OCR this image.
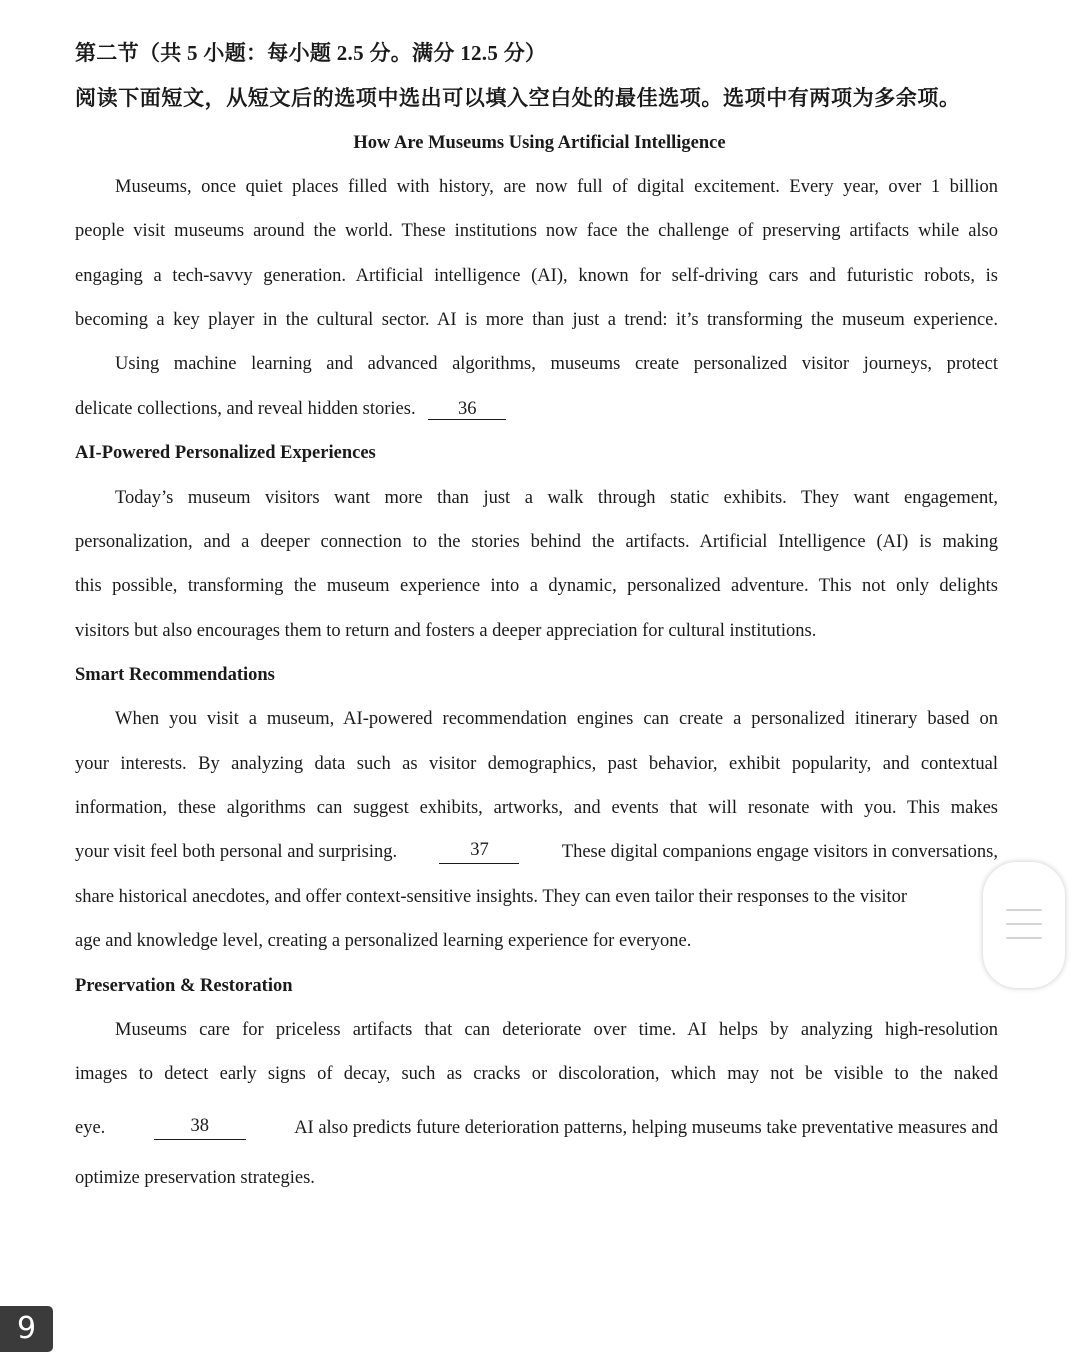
第二节（共 5 小题：每小题 2.5 分。满分 12.5 分）
阅读下面短文，从短文后的选项中选出可以填入空白处的最佳选项。选项中有两项为多余项。
How Are Museums Using Artificial Intelligence
Museums, once quiet places filled with history, are now full of digital excitement. Every year, over 1 billion
people visit museums around the world. These institutions now face the challenge of preserving artifacts while also
engaging a tech-savvy generation. Artificial intelligence (AI), known for self-driving cars and futuristic robots, is
becoming a key player in the cultural sector. AI is more than just a trend: it’s transforming the museum experience.
Using machine learning and advanced algorithms, museums create personalized visitor journeys, protect
delicate collections, and reveal hidden stories. 36
AI-Powered Personalized Experiences
Today’s museum visitors want more than just a walk through static exhibits. They want engagement,
personalization, and a deeper connection to the stories behind the artifacts. Artificial Intelligence (AI) is making
this possible, transforming the museum experience into a dynamic, personalized adventure. This not only delights
visitors but also encourages them to return and fosters a deeper appreciation for cultural institutions.
Smart Recommendations
When you visit a museum, AI-powered recommendation engines can create a personalized itinerary based on
your interests. By analyzing data such as visitor demographics, past behavior, exhibit popularity, and contextual
information, these algorithms can suggest exhibits, artworks, and events that will resonate with you. This makes
your visit feel both personal and surprising.	37	These digital companions engage visitors in conversations,
share historical anecdotes, and offer context-sensitive insights. They can even tailor their responses to the visitor
age and knowledge level, creating a personalized learning experience for everyone.
Preservation & Restoration
Museums care for priceless artifacts that can deteriorate over time. AI helps by analyzing high-resolution
images to detect early signs of decay, such as cracks or discoloration, which may not be visible to the naked
eye.	38	AI also predicts future deterioration patterns, helping museums take preventative measures and
optimize preservation strategies.
9
